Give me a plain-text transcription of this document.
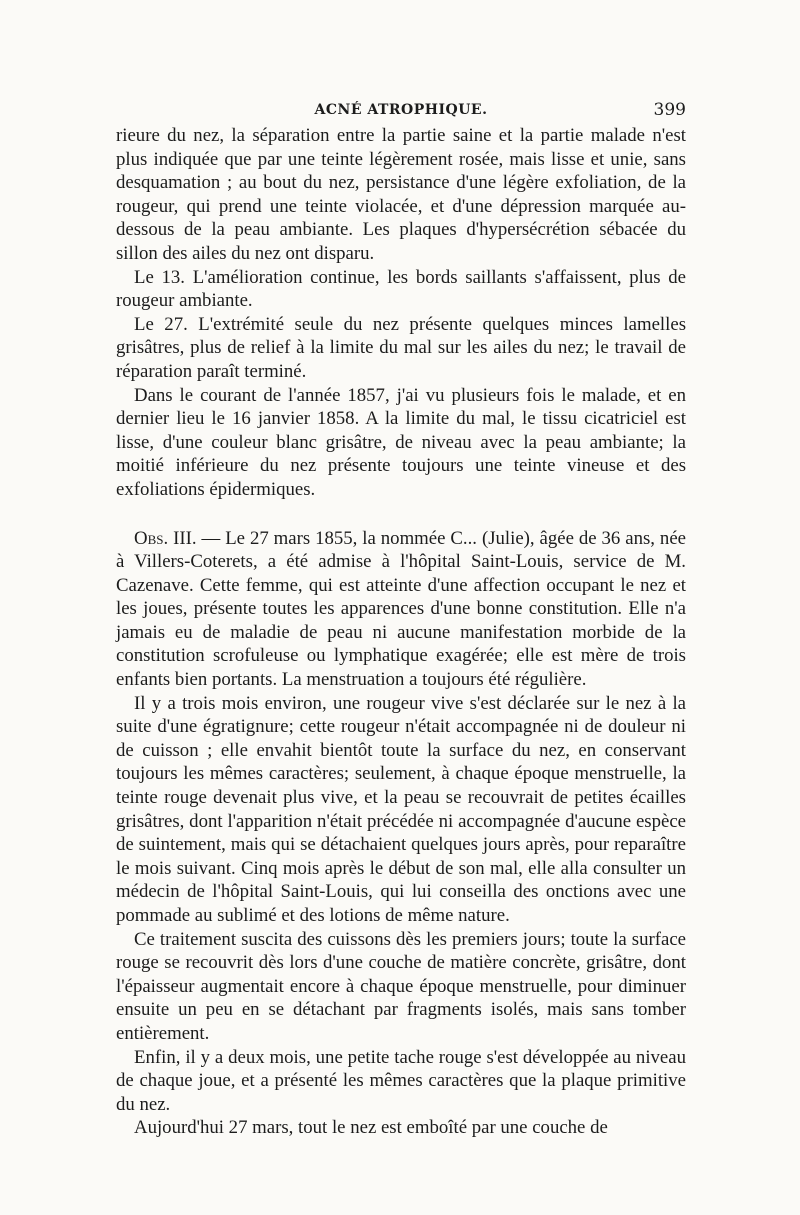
ACNÉ ATROPHIQUE.	399

rieure du nez, la séparation entre la partie saine et la partie malade n'est plus indiquée que par une teinte légèrement rosée, mais lisse et unie, sans desquamation ; au bout du nez, persistance d'une légère exfoliation, de la rougeur, qui prend une teinte violacée, et d'une dépression marquée au-dessous de la peau ambiante. Les plaques d'hypersécrétion sébacée du sillon des ailes du nez ont disparu.

Le 13. L'amélioration continue, les bords saillants s'affaissent, plus de rougeur ambiante.

Le 27. L'extrémité seule du nez présente quelques minces lamelles grisâtres, plus de relief à la limite du mal sur les ailes du nez; le travail de réparation paraît terminé.

Dans le courant de l'année 1857, j'ai vu plusieurs fois le malade, et en dernier lieu le 16 janvier 1858. A la limite du mal, le tissu cicatriciel est lisse, d'une couleur blanc grisâtre, de niveau avec la peau ambiante; la moitié inférieure du nez présente toujours une teinte vineuse et des exfoliations épidermiques.

Obs. III. — Le 27 mars 1855, la nommée C... (Julie), âgée de 36 ans, née à Villers-Coterets, a été admise à l'hôpital Saint-Louis, service de M. Cazenave. Cette femme, qui est atteinte d'une affection occupant le nez et les joues, présente toutes les apparences d'une bonne constitution. Elle n'a jamais eu de maladie de peau ni aucune manifestation morbide de la constitution scrofuleuse ou lymphatique exagérée; elle est mère de trois enfants bien portants. La menstruation a toujours été régulière.

Il y a trois mois environ, une rougeur vive s'est déclarée sur le nez à la suite d'une égratignure; cette rougeur n'était accompagnée ni de douleur ni de cuisson ; elle envahit bientôt toute la surface du nez, en conservant toujours les mêmes caractères; seulement, à chaque époque menstruelle, la teinte rouge devenait plus vive, et la peau se recouvrait de petites écailles grisâtres, dont l'apparition n'était précédée ni accompagnée d'aucune espèce de suintement, mais qui se détachaient quelques jours après, pour reparaître le mois suivant. Cinq mois après le début de son mal, elle alla consulter un médecin de l'hôpital Saint-Louis, qui lui conseilla des onctions avec une pommade au sublimé et des lotions de même nature.

Ce traitement suscita des cuissons dès les premiers jours; toute la surface rouge se recouvrit dès lors d'une couche de matière concrète, grisâtre, dont l'épaisseur augmentait encore à chaque époque menstruelle, pour diminuer ensuite un peu en se détachant par fragments isolés, mais sans tomber entièrement.

Enfin, il y a deux mois, une petite tache rouge s'est développée au niveau de chaque joue, et a présenté les mêmes caractères que la plaque primitive du nez.

Aujourd'hui 27 mars, tout le nez est emboîté par une couche de
